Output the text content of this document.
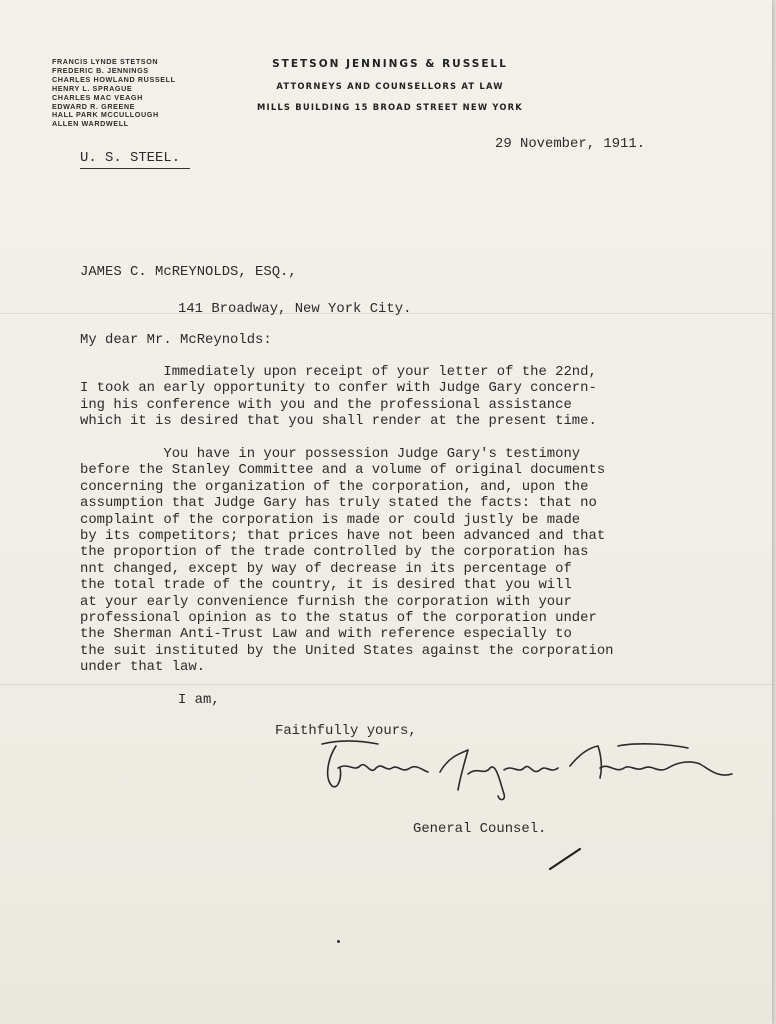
FRANCIS LYNDE STETSON
FREDERIC B. JENNINGS
CHARLES HOWLAND RUSSELL
HENRY L. SPRAGUE
CHARLES MAC VEAGH
EDWARD R. GREENE
HALL PARK MCCULLOUGH
ALLEN WARDWELL
STETSON JENNINGS & RUSSELL
ATTORNEYS AND COUNSELLORS AT LAW
MILLS BUILDING 15 BROAD STREET NEW YORK
U. S. STEEL.
29 November, 1911.
JAMES C. McREYNOLDS, ESQ.,
141 Broadway, New York City.
My dear Mr. McReynolds:
Immediately upon receipt of your letter of the 22nd,
I took an early opportunity to confer with Judge Gary concern-
ing his conference with you and the professional assistance
which it is desired that you shall render at the present time.
You have in your possession Judge Gary's testimony
before the Stanley Committee and a volume of original documents
concerning the organization of the corporation, and, upon the
assumption that Judge Gary has truly stated the facts: that no
complaint of the corporation is made or could justly be made
by its competitors; that prices have not been advanced and that
the proportion of the trade controlled by the corporation has
nnt changed, except by way of decrease in its percentage of
the total trade of the country, it is desired that you will
at your early convenience furnish the corporation with your
professional opinion as to the status of the corporation under
the Sherman Anti-Trust Law and with reference especially to
the suit instituted by the United States against the corporation
under that law.
I am,
Faithfully yours,
General Counsel.
